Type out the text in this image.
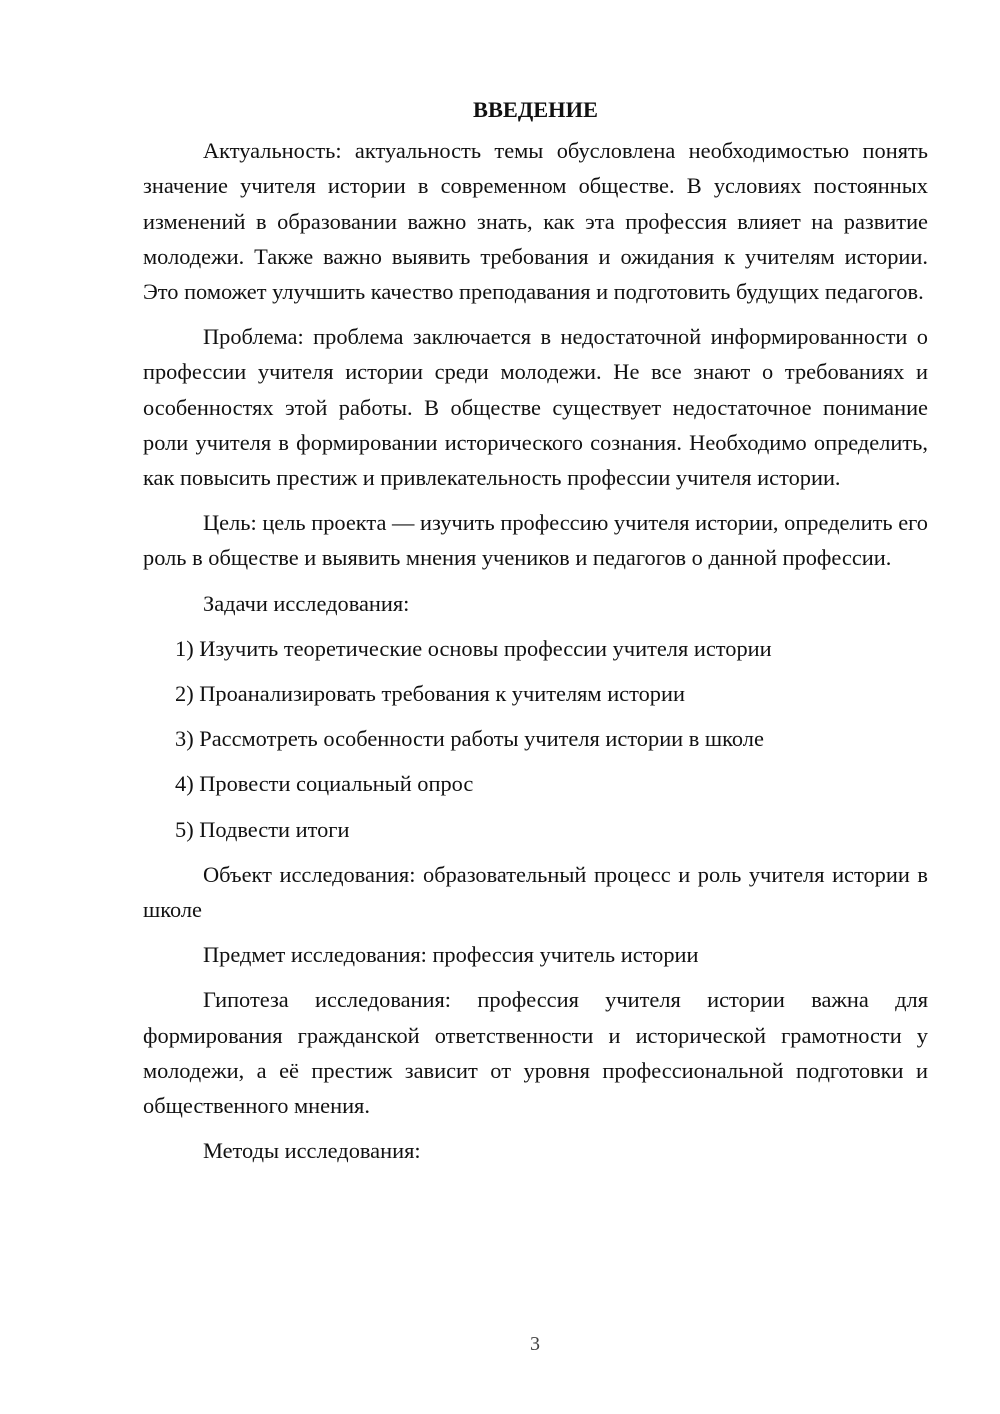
ВВЕДЕНИЕ

Актуальность: актуальность темы обусловлена необходимостью понять значение учителя истории в современном обществе. В условиях постоянных изменений в образовании важно знать, как эта профессия влияет на развитие молодежи. Также важно выявить требования и ожидания к учителям истории. Это поможет улучшить качество преподавания и подготовить будущих педагогов.

Проблема: проблема заключается в недостаточной информированности о профессии учителя истории среди молодежи. Не все знают о требованиях и особенностях этой работы. В обществе существует недостаточное понимание роли учителя в формировании исторического сознания. Необходимо определить, как повысить престиж и привлекательность профессии учителя истории.

Цель: цель проекта — изучить профессию учителя истории, определить его роль в обществе и выявить мнения учеников и педагогов о данной профессии.

Задачи исследования:

1) Изучить теоретические основы профессии учителя истории
2) Проанализировать требования к учителям истории
3) Рассмотреть особенности работы учителя истории в школе
4) Провести социальный опрос
5) Подвести итоги

Объект исследования: образовательный процесс и роль учителя истории в школе

Предмет исследования: профессия учитель истории

Гипотеза исследования: профессия учителя истории важна для формирования гражданской ответственности и исторической грамотности у молодежи, а её престиж зависит от уровня профессиональной подготовки и общественного мнения.

Методы исследования:

3
